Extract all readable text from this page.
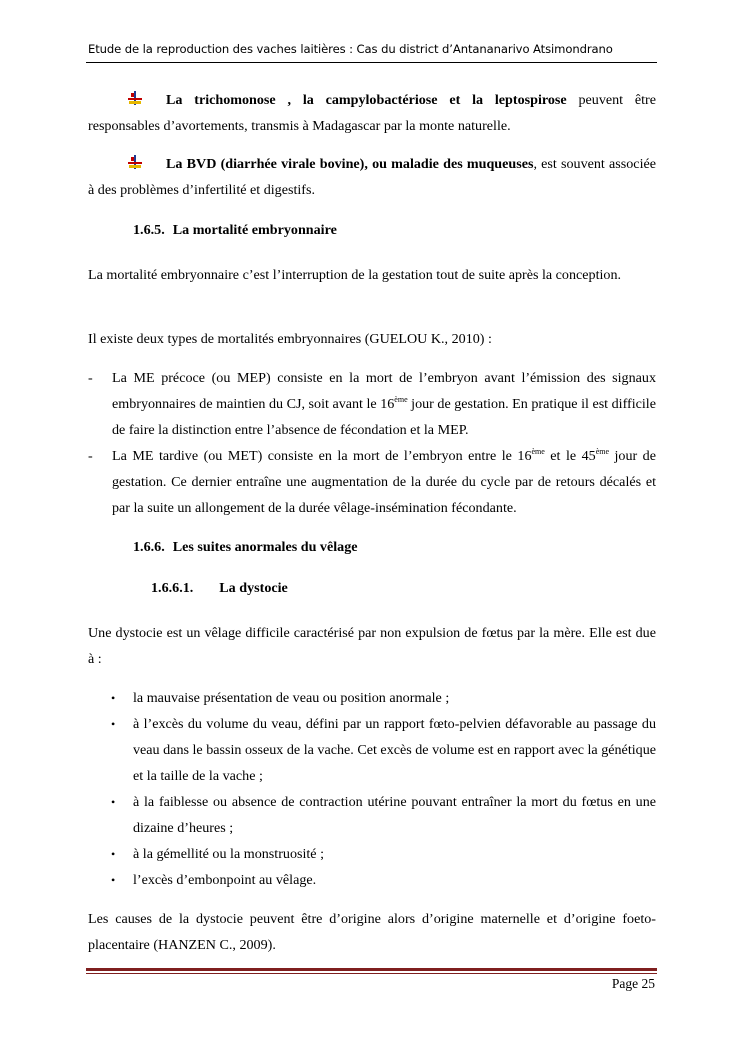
Etude de la reproduction des vaches laitières : Cas du district d’Antananarivo Atsimondrano

La trichomonose , la campylobactériose et la leptospirose peuvent être responsables d’avortements, transmis à Madagascar par la monte naturelle.

La BVD (diarrhée virale bovine), ou maladie des muqueuses, est souvent associée à des problèmes d’infertilité et digestifs.

1.6.5. La mortalité embryonnaire

La mortalité embryonnaire c’est l’interruption de la gestation tout de suite après la conception.

Il existe deux types de mortalités embryonnaires (GUELOU K., 2010) :

- La ME précoce (ou MEP) consiste en la mort de l’embryon avant l’émission des signaux embryonnaires de maintien du CJ, soit avant le 16ème jour de gestation. En pratique il est difficile de faire la distinction entre l’absence de fécondation et la MEP.
- La ME tardive (ou MET) consiste en la mort de l’embryon entre le 16ème et le 45ème jour de gestation. Ce dernier entraîne une augmentation de la durée du cycle par de retours décalés et par la suite un allongement de la durée vêlage-insémination fécondante.
1.6.6. Les suites anormales du vêlage
1.6.6.1. La dystocie

Une dystocie est un vêlage difficile caractérisé par non expulsion de fœtus par la mère. Elle est due à :

• la mauvaise présentation de veau ou position anormale ;
• à l’excès du volume du veau, défini par un rapport fœto-pelvien défavorable au passage du veau dans le bassin osseux de la vache. Cet excès de volume est en rapport avec la génétique et la taille de la vache ;
• à la faiblesse ou absence de contraction utérine pouvant entraîner la mort du fœtus en une dizaine d’heures ;
• à la gémellité ou la monstruosité ;
• l’excès d’embonpoint au vêlage.

Les causes de la dystocie peuvent être d’origine alors d’origine maternelle et d’origine foeto-placentaire (HANZEN C., 2009).

Page 25
